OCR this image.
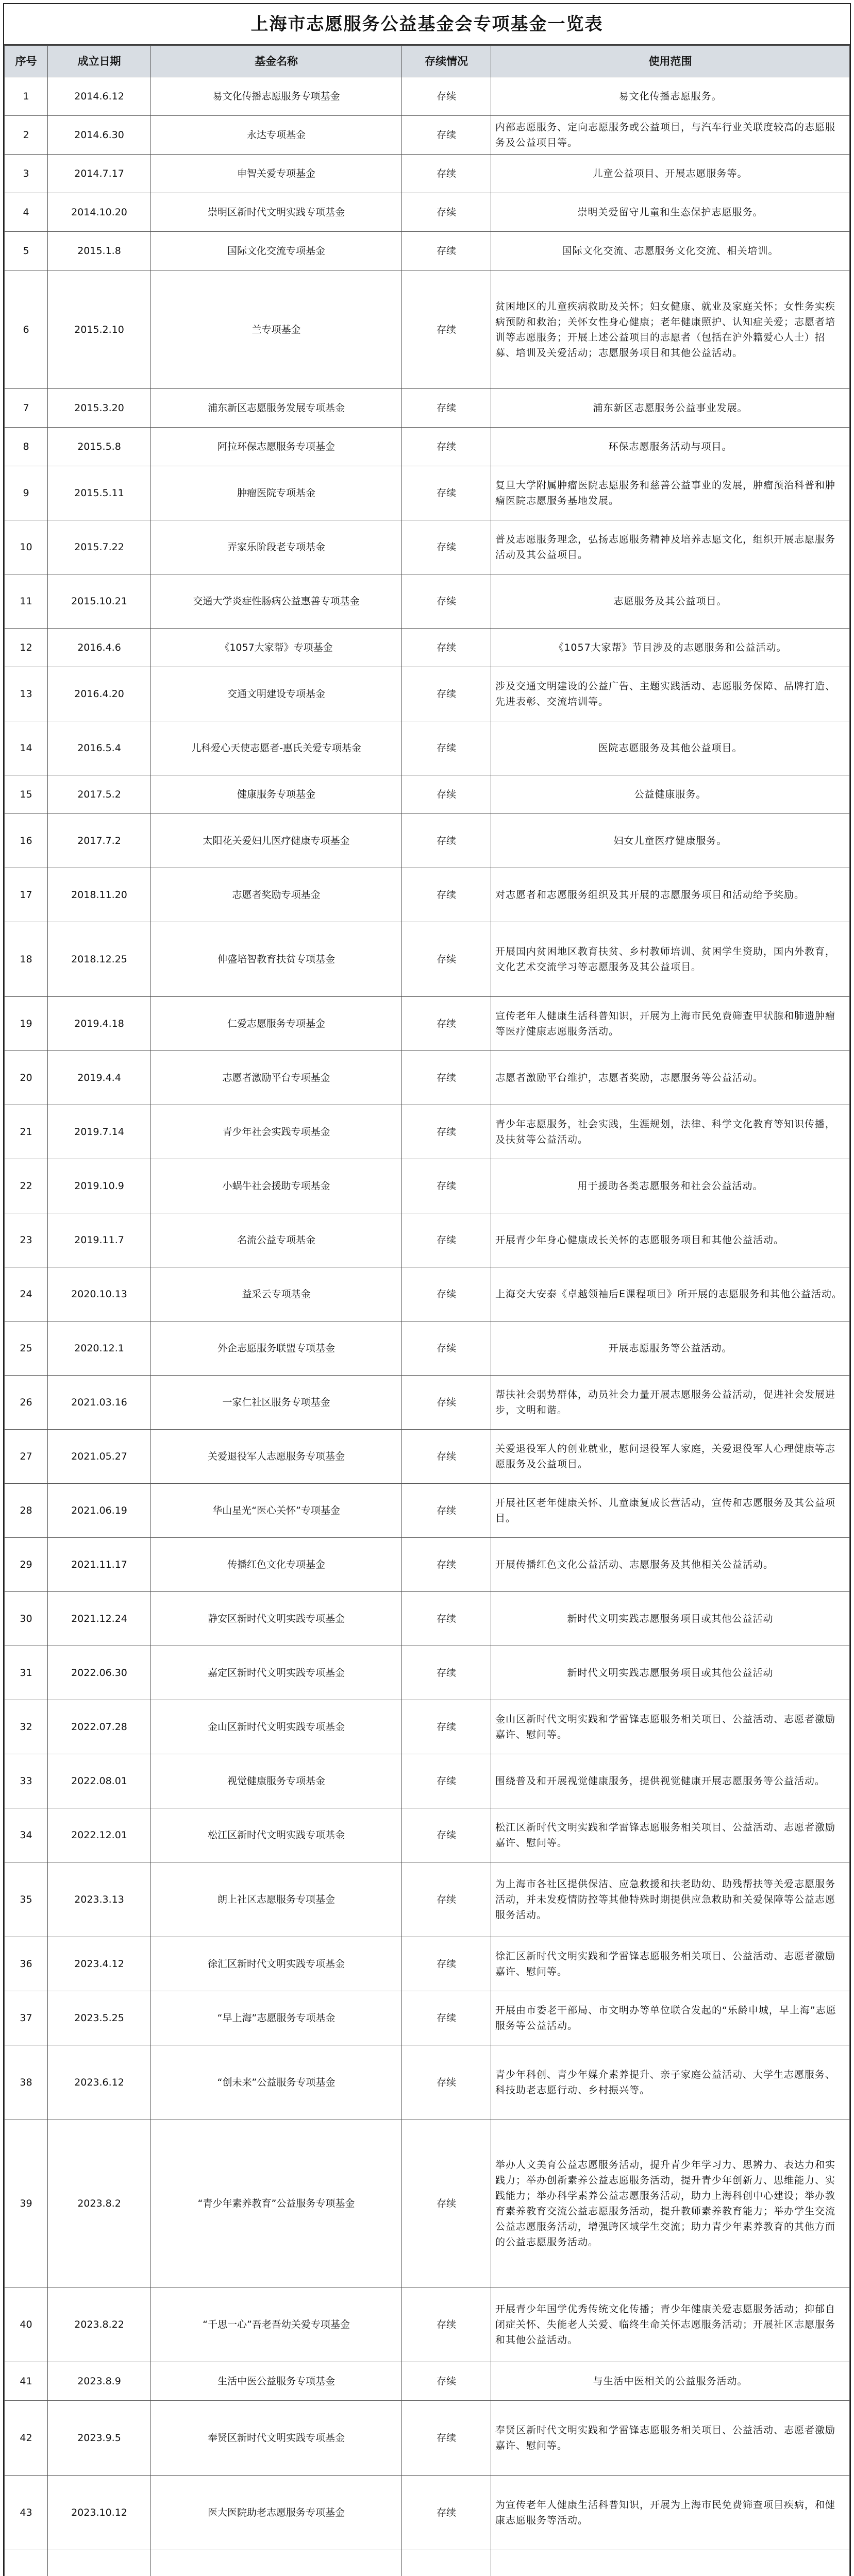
上海市志愿服务公益基金会专项基金一览表
序号	成立日期	基金名称	存续情况	使用范围
1	2014.6.12	易文化传播志愿服务专项基金	存续	易文化传播志愿服务。
2	2014.6.30	永达专项基金	存续	内部志愿服务、定向志愿服务或公益项目，与汽车行业关联度较高的志愿服务及公益项目等。
3	2014.7.17	申智关爱专项基金	存续	儿童公益项目、开展志愿服务等。
4	2014.10.20	崇明区新时代文明实践专项基金	存续	崇明关爱留守儿童和生态保护志愿服务。
5	2015.1.8	国际文化交流专项基金	存续	国际文化交流、志愿服务文化交流、相关培训。
6	2015.2.10	兰专项基金	存续	贫困地区的儿童疾病救助及关怀；妇女健康、就业及家庭关怀；女性务实疾病预防和救治；关怀女性身心健康；老年健康照护、认知症关爱；志愿者培训等志愿服务；开展上述公益项目的志愿者（包括在沪外籍爱心人士）招募、培训及关爱活动；志愿服务项目和其他公益活动。
7	2015.3.20	浦东新区志愿服务发展专项基金	存续	浦东新区志愿服务公益事业发展。
8	2015.5.8	阿拉环保志愿服务专项基金	存续	环保志愿服务活动与项目。
9	2015.5.11	肿瘤医院专项基金	存续	复旦大学附属肿瘤医院志愿服务和慈善公益事业的发展，肿瘤预治科普和肿瘤医院志愿服务基地发展。
10	2015.7.22	弄家乐阶段老专项基金	存续	普及志愿服务理念，弘扬志愿服务精神及培养志愿文化，组织开展志愿服务活动及其公益项目。
11	2015.10.21	交通大学炎症性肠病公益惠善专项基金	存续	志愿服务及其公益项目。
12	2016.4.6	《1057大家帮》专项基金	存续	《1057大家帮》节目涉及的志愿服务和公益活动。
13	2016.4.20	交通文明建设专项基金	存续	涉及交通文明建设的公益广告、主题实践活动、志愿服务保障、品牌打造、先进表彰、交流培训等。
14	2016.5.4	儿科爱心天使志愿者-惠氏关爱专项基金	存续	医院志愿服务及其他公益项目。
15	2017.5.2	健康服务专项基金	存续	公益健康服务。
16	2017.7.2	太阳花关爱妇儿医疗健康专项基金	存续	妇女儿童医疗健康服务。
17	2018.11.20	志愿者奖励专项基金	存续	对志愿者和志愿服务组织及其开展的志愿服务项目和活动给予奖励。
18	2018.12.25	伸盛培智教育扶贫专项基金	存续	开展国内贫困地区教育扶贫、乡村教师培训、贫困学生资助，国内外教育，文化艺术交流学习等志愿服务及其公益项目。
19	2019.4.18	仁爱志愿服务专项基金	存续	宣传老年人健康生活科普知识，开展为上海市民免费筛查甲状腺和肺遗肿瘤等医疗健康志愿服务活动。
20	2019.4.4	志愿者激励平台专项基金	存续	志愿者激励平台维护，志愿者奖励，志愿服务等公益活动。
21	2019.7.14	青少年社会实践专项基金	存续	青少年志愿服务，社会实践，生涯规划，法律、科学文化教育等知识传播，及扶贫等公益活动。
22	2019.10.9	小蜗牛社会援助专项基金	存续	用于援助各类志愿服务和社会公益活动。
23	2019.11.7	名流公益专项基金	存续	开展青少年身心健康成长关怀的志愿服务项目和其他公益活动。
24	2020.10.13	益采云专项基金	存续	上海交大安泰《卓越领袖后E课程项目》所开展的志愿服务和其他公益活动。
25	2020.12.1	外企志愿服务联盟专项基金	存续	开展志愿服务等公益活动。
26	2021.03.16	一家仁社区服务专项基金	存续	帮扶社会弱势群体，动员社会力量开展志愿服务公益活动，促进社会发展进步，文明和谐。
27	2021.05.27	关爱退役军人志愿服务专项基金	存续	关爱退役军人的创业就业，慰问退役军人家庭，关爱退役军人心理健康等志愿服务及公益项目。
28	2021.06.19	华山星光“医心关怀”专项基金	存续	开展社区老年健康关怀、儿童康复成长营活动，宣传和志愿服务及其公益项目。
29	2021.11.17	传播红色文化专项基金	存续	开展传播红色文化公益活动、志愿服务及其他相关公益活动。
30	2021.12.24	静安区新时代文明实践专项基金	存续	新时代文明实践志愿服务项目或其他公益活动
31	2022.06.30	嘉定区新时代文明实践专项基金	存续	新时代文明实践志愿服务项目或其他公益活动
32	2022.07.28	金山区新时代文明实践专项基金	存续	金山区新时代文明实践和学雷锋志愿服务相关项目、公益活动、志愿者激励嘉许、慰问等。
33	2022.08.01	视觉健康服务专项基金	存续	围绕普及和开展视觉健康服务，提供视觉健康开展志愿服务等公益活动。
34	2022.12.01	松江区新时代文明实践专项基金	存续	松江区新时代文明实践和学雷锋志愿服务相关项目、公益活动、志愿者激励嘉许、慰问等。
35	2023.3.13	朗上社区志愿服务专项基金	存续	为上海市各社区提供保洁、应急救援和扶老助幼、助残帮扶等关爱志愿服务活动，并未发疫情防控等其他特殊时期提供应急救助和关爱保障等公益志愿服务活动。
36	2023.4.12	徐汇区新时代文明实践专项基金	存续	徐汇区新时代文明实践和学雷锋志愿服务相关项目、公益活动、志愿者激励嘉许、慰问等。
37	2023.5.25	“早上海”志愿服务专项基金	存续	开展由市委老干部局、市文明办等单位联合发起的“乐龄申城，早上海”志愿服务等公益活动。
38	2023.6.12	“创未来”公益服务专项基金	存续	青少年科创、青少年媒介素养提升、亲子家庭公益活动、大学生志愿服务、科技助老志愿行动、乡村振兴等。
39	2023.8.2	“青少年素养教育”公益服务专项基金	存续	举办人文美育公益志愿服务活动，提升青少年学习力、思辨力、表达力和实践力；举办创新素养公益志愿服务活动，提升青少年创新力、思维能力、实践能力；举办科学素养公益志愿服务活动，助力上海科创中心建设；举办教育素养教育交流公益志愿服务活动，提升教师素养教育能力；举办学生交流公益志愿服务活动，增强跨区域学生交流；助力青少年素养教育的其他方面的公益志愿服务活动。
40	2023.8.22	“千思一心”吾老吾幼关爱专项基金	存续	开展青少年国学优秀传统文化传播；青少年健康关爱志愿服务活动；抑郁自闭症关怀、失能老人关爱、临终生命关怀志愿服务活动；开展社区志愿服务和其他公益活动。
41	2023.8.9	生活中医公益服务专项基金	存续	与生活中医相关的公益服务活动。
42	2023.9.5	奉贤区新时代文明实践专项基金	存续	奉贤区新时代文明实践和学雷锋志愿服务相关项目、公益活动、志愿者激励嘉许、慰问等。
43	2023.10.12	医大医院助老志愿服务专项基金	存续	为宣传老年人健康生活科普知识，开展为上海市民免费筛查项目疾病，和健康志愿服务等活动。
